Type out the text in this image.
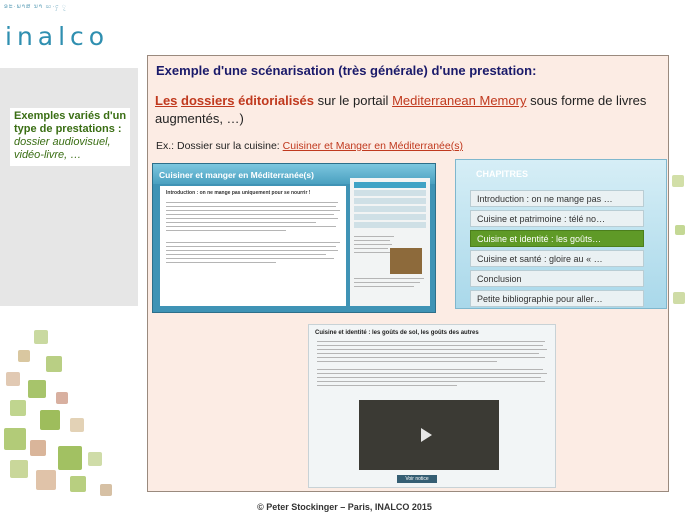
ອະ·ພາສ ນາ ႀ·ႁ ႂ
inalco
Exemples variés d'un type de prestations :
dossier audiovisuel, vidéo-livre, …
Exemple d'une scénarisation (très générale) d'une prestation:
Les dossiers éditorialisés sur le portail Mediterranean Memory sous forme de livres augmentés, …)
Ex.: Dossier sur la cuisine: Cuisiner et Manger en Méditerranée(s)
Cuisiner et manger en Méditerranée(s)
Introduction : on ne mange pas uniquement pour se nourrir !
CHAPITRES
Introduction : on ne mange pas …
Cuisine et patrimoine : télé no…
Cuisine et identité : les goûts…
Cuisine et santé : gloire au « …
Conclusion
Petite bibliographie pour aller…
Cuisine et identité : les goûts de sol, les goûts des autres
Voir notice
© Peter Stockinger – Paris, INALCO 2015
